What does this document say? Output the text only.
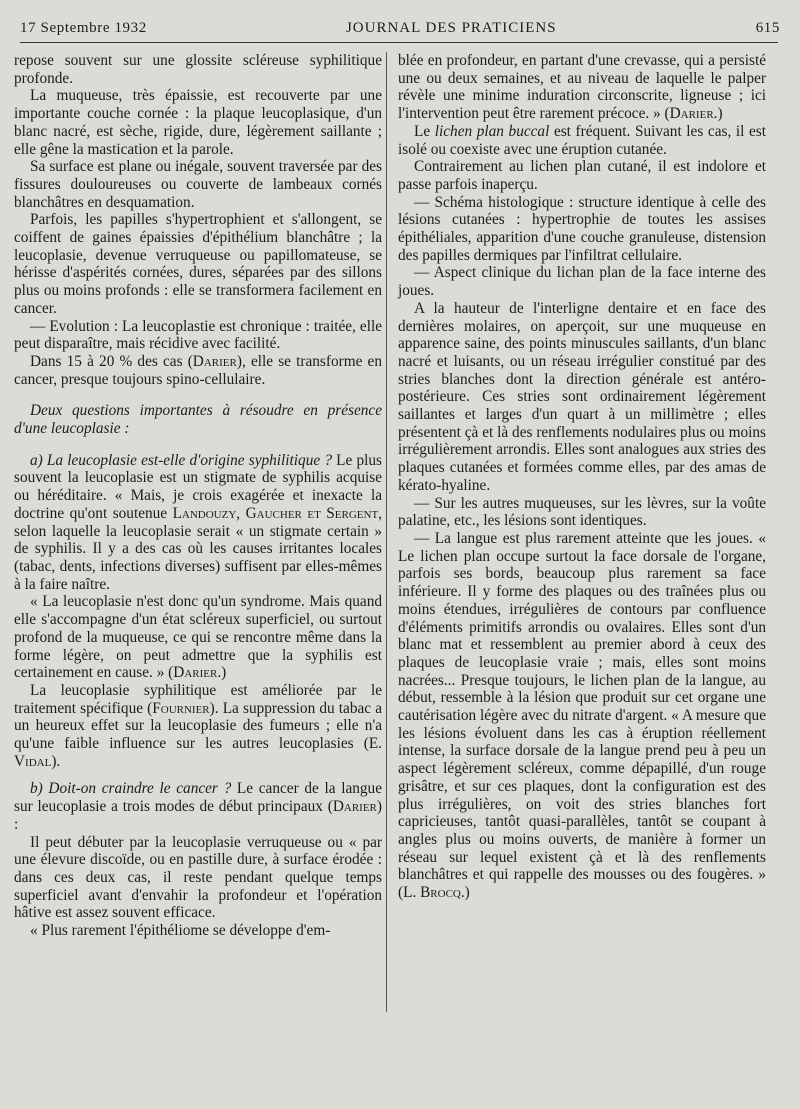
17 Septembre 1932	JOURNAL DES PRATICIENS	615

repose souvent sur une glossite scléreuse syphilitique profonde.

La muqueuse, très épaissie, est recouverte par une importante couche cornée : la plaque leucoplasique, d'un blanc nacré, est sèche, rigide, dure, légèrement saillante ; elle gêne la mastication et la parole.

Sa surface est plane ou inégale, souvent traversée par des fissures douloureuses ou couverte de lambeaux cornés blanchâtres en desquamation.

Parfois, les papilles s'hypertrophient et s'allongent, se coiffent de gaines épaissies d'épithélium blanchâtre ; la leucoplasie, devenue verruqueuse ou papillomateuse, se hérisse d'aspérités cornées, dures, séparées par des sillons plus ou moins profonds : elle se transformera facilement en cancer.

— Evolution : La leucoplastie est chronique : traitée, elle peut disparaître, mais récidive avec facilité.

Dans 15 à 20 % des cas (Darier), elle se transforme en cancer, presque toujours spino-cellulaire.

Deux questions importantes à résoudre en présence d'une leucoplasie :

a) La leucoplasie est-elle d'origine syphilitique ? Le plus souvent la leucoplasie est un stigmate de syphilis acquise ou héréditaire. « Mais, je crois exagérée et inexacte la doctrine qu'ont soutenue Landouzy, Gaucher et Sergent, selon laquelle la leucoplasie serait « un stigmate certain » de syphilis. Il y a des cas où les causes irritantes locales (tabac, dents, infections diverses) suffisent par elles-mêmes à la faire naître.

« La leucoplasie n'est donc qu'un syndrome. Mais quand elle s'accompagne d'un état scléreux superficiel, ou surtout profond de la muqueuse, ce qui se rencontre même dans la forme légère, on peut admettre que la syphilis est certainement en cause. » (Darier.)

La leucoplasie syphilitique est améliorée par le traitement spécifique (Fournier). La suppression du tabac a un heureux effet sur la leucoplasie des fumeurs ; elle n'a qu'une faible influence sur les autres leucoplasies (E. Vidal).

b) Doit-on craindre le cancer ? Le cancer de la langue sur leucoplasie a trois modes de début principaux (Darier) :

Il peut débuter par la leucoplasie verruqueuse ou « par une élevure discoïde, ou en pastille dure, à surface érodée : dans ces deux cas, il reste pendant quelque temps superficiel avant d'envahir la profondeur et l'opération hâtive est assez souvent efficace.

« Plus rarement l'épithéliome se développe d'em-

blée en profondeur, en partant d'une crevasse, qui a persisté une ou deux semaines, et au niveau de laquelle le palper révèle une minime induration circonscrite, ligneuse ; ici l'intervention peut être rarement précoce. » (Darier.)

Le lichen plan buccal est fréquent. Suivant les cas, il est isolé ou coexiste avec une éruption cutanée.

Contrairement au lichen plan cutané, il est indolore et passe parfois inaperçu.

— Schéma histologique : structure identique à celle des lésions cutanées : hypertrophie de toutes les assises épithéliales, apparition d'une couche granuleuse, distension des papilles dermiques par l'infiltrat cellulaire.

— Aspect clinique du lichan plan de la face interne des joues.

A la hauteur de l'interligne dentaire et en face des dernières molaires, on aperçoit, sur une muqueuse en apparence saine, des points minuscules saillants, d'un blanc nacré et luisants, ou un réseau irrégulier constitué par des stries blanches dont la direction générale est antéro-postérieure. Ces stries sont ordinairement légèrement saillantes et larges d'un quart à un millimètre ; elles présentent çà et là des renflements nodulaires plus ou moins irrégulièrement arrondis. Elles sont analogues aux stries des plaques cutanées et formées comme elles, par des amas de kérato-hyaline.

— Sur les autres muqueuses, sur les lèvres, sur la voûte palatine, etc., les lésions sont identiques.

— La langue est plus rarement atteinte que les joues. « Le lichen plan occupe surtout la face dorsale de l'organe, parfois ses bords, beaucoup plus rarement sa face inférieure. Il y forme des plaques ou des traînées plus ou moins étendues, irrégulières de contours par confluence d'éléments primitifs arrondis ou ovalaires. Elles sont d'un blanc mat et ressemblent au premier abord à ceux des plaques de leucoplasie vraie ; mais, elles sont moins nacrées... Presque toujours, le lichen plan de la langue, au début, ressemble à la lésion que produit sur cet organe une cautérisation légère avec du nitrate d'argent. « A mesure que les lésions évoluent dans les cas à éruption réellement intense, la surface dorsale de la langue prend peu à peu un aspect légèrement scléreux, comme dépapillé, d'un rouge grisâtre, et sur ces plaques, dont la configuration est des plus irrégulières, on voit des stries blanches fort capricieuses, tantôt quasi-parallèles, tantôt se coupant à angles plus ou moins ouverts, de manière à former un réseau sur lequel existent çà et là des renflements blanchâtres et qui rappelle des mousses ou des fougères. » (L. Brocq.)
